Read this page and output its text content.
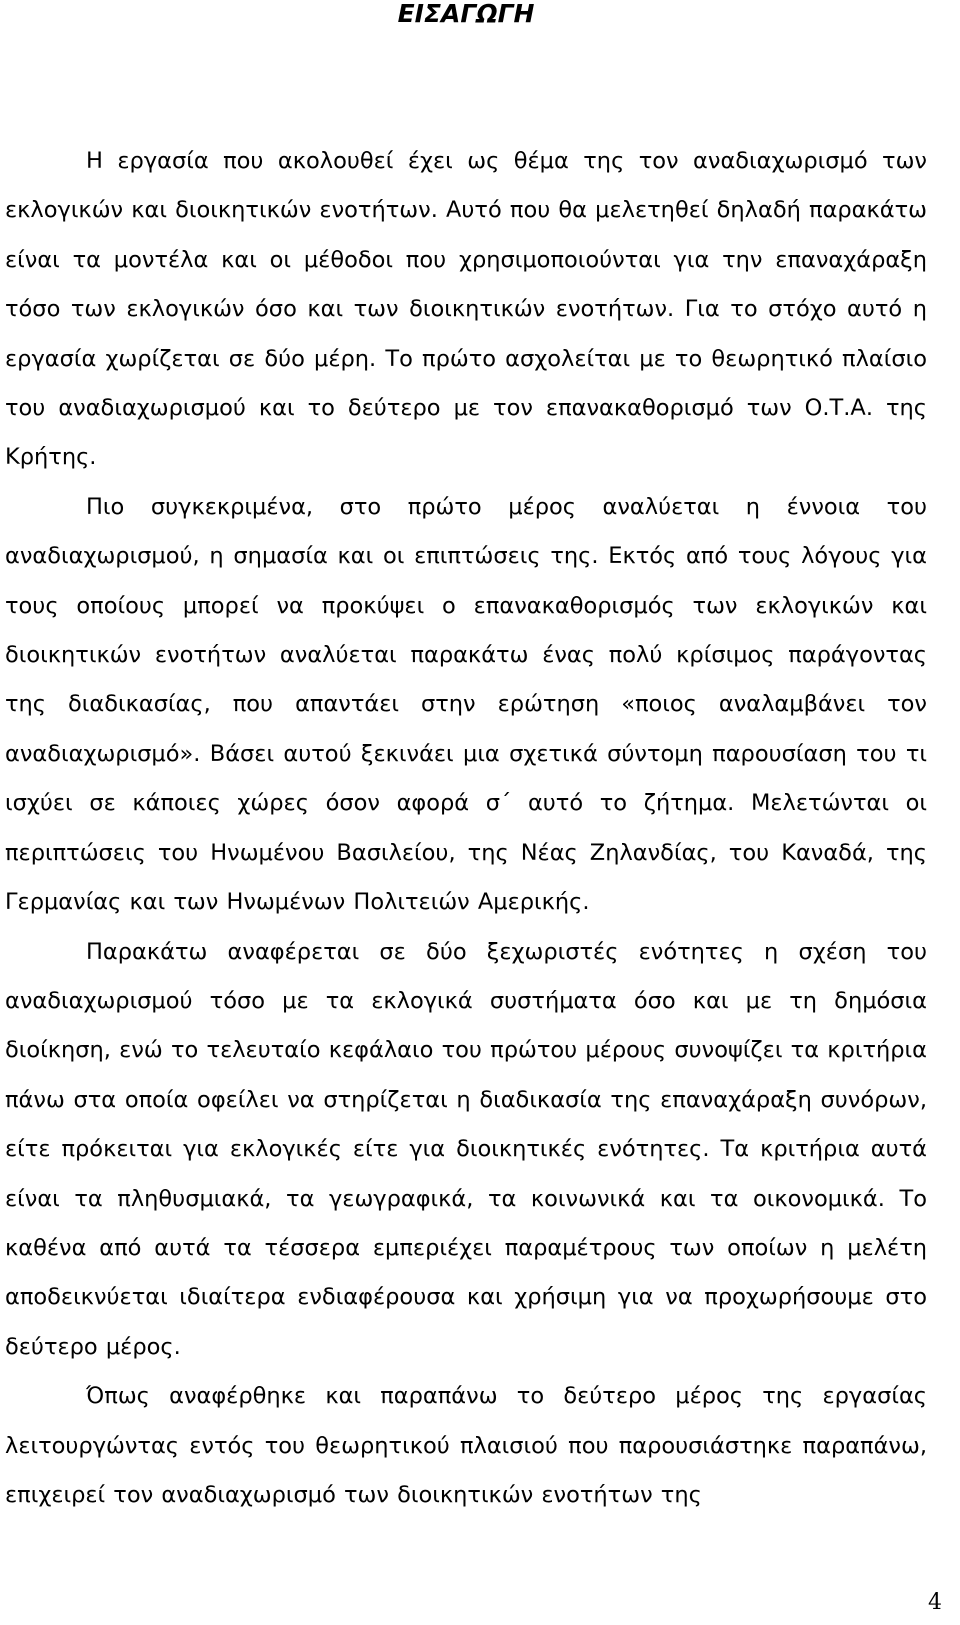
ΕΙΣΑΓΩΓΗ

Η εργασία που ακολουθεί έχει ως θέμα της τον αναδιαχωρισμό των εκλογικών και διοικητικών ενοτήτων. Αυτό που θα μελετηθεί δηλαδή παρακάτω είναι τα μοντέλα και οι μέθοδοι που χρησιμοποιούνται για την επαναχάραξη τόσο των εκλογικών όσο και των διοικητικών ενοτήτων. Για το στόχο αυτό η εργασία χωρίζεται σε δύο μέρη. Το πρώτο ασχολείται με το θεωρητικό πλαίσιο του αναδιαχωρισμού και το δεύτερο με τον επανακαθορισμό των Ο.Τ.Α. της Κρήτης.

Πιο συγκεκριμένα, στο πρώτο μέρος αναλύεται η έννοια του αναδιαχωρισμού, η σημασία και οι επιπτώσεις της. Εκτός από τους λόγους για τους οποίους μπορεί να προκύψει ο επανακαθορισμός των εκλογικών και διοικητικών ενοτήτων αναλύεται παρακάτω ένας πολύ κρίσιμος παράγοντας της διαδικασίας, που απαντάει στην ερώτηση «ποιος αναλαμβάνει τον αναδιαχωρισμό». Βάσει αυτού ξεκινάει μια σχετικά σύντομη παρουσίαση του τι ισχύει σε κάποιες χώρες όσον αφορά σ΄ αυτό το ζήτημα. Μελετώνται οι περιπτώσεις του Ηνωμένου Βασιλείου, της Νέας Ζηλανδίας, του Καναδά, της Γερμανίας και των Ηνωμένων Πολιτειών Αμερικής.

Παρακάτω αναφέρεται σε δύο ξεχωριστές ενότητες η σχέση του αναδιαχωρισμού τόσο με τα εκλογικά συστήματα όσο και με τη δημόσια διοίκηση, ενώ το τελευταίο κεφάλαιο του πρώτου μέρους συνοψίζει τα κριτήρια πάνω στα οποία οφείλει να στηρίζεται η διαδικασία της επαναχάραξη συνόρων, είτε πρόκειται για εκλογικές είτε για διοικητικές ενότητες. Τα κριτήρια αυτά είναι τα πληθυσμιακά, τα γεωγραφικά, τα κοινωνικά και τα οικονομικά. Το καθένα από αυτά τα τέσσερα εμπεριέχει παραμέτρους των οποίων η μελέτη αποδεικνύεται ιδιαίτερα ενδιαφέρουσα και χρήσιμη για να προχωρήσουμε στο δεύτερο μέρος.

Όπως αναφέρθηκε και παραπάνω το δεύτερο μέρος της εργασίας λειτουργώντας εντός του θεωρητικού πλαισιού που παρουσιάστηκε παραπάνω, επιχειρεί τον αναδιαχωρισμό των διοικητικών ενοτήτων της

4
